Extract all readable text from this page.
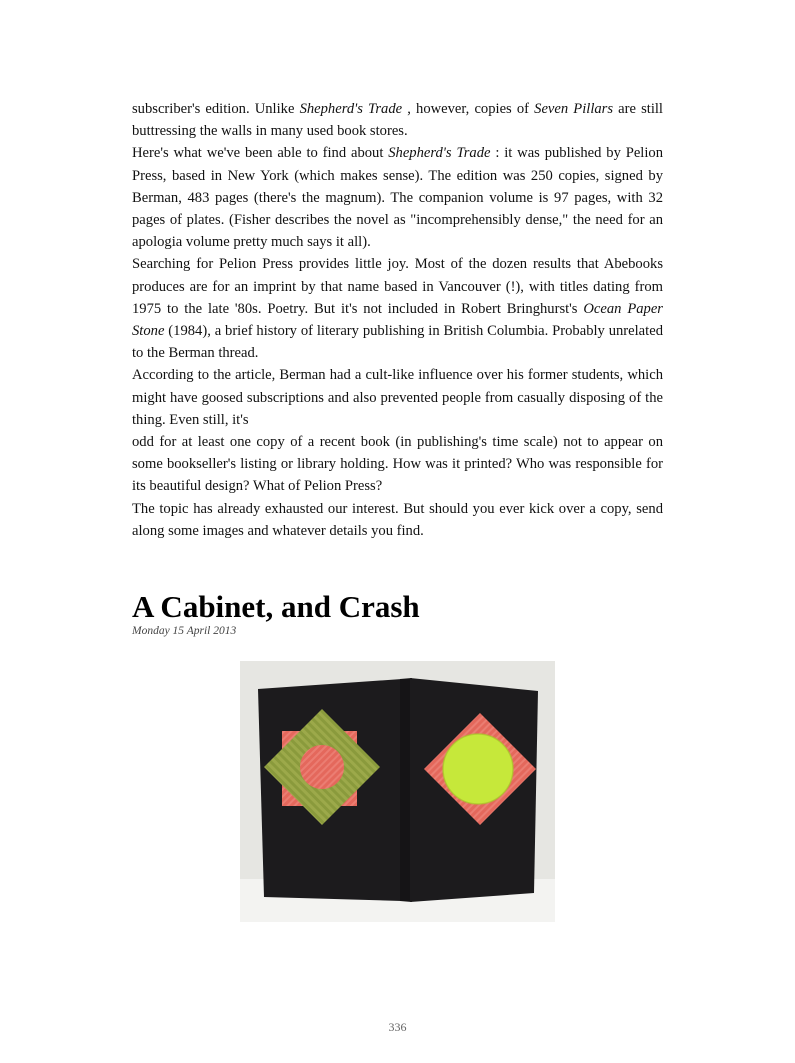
subscriber's edition. Unlike Shepherd's Trade , however, copies of Seven Pillars are still buttressing the walls in many used book stores.

Here's what we've been able to find about Shepherd's Trade : it was published by Pelion Press, based in New York (which makes sense). The edition was 250 copies, signed by Berman, 483 pages (there's the magnum). The companion volume is 97 pages, with 32 pages of plates. (Fisher describes the novel as "incomprehensibly dense," the need for an apologia volume pretty much says it all).

Searching for Pelion Press provides little joy. Most of the dozen results that Abebooks produces are for an imprint by that name based in Vancouver (!), with titles dating from 1975 to the late '80s. Poetry. But it's not included in Robert Bringhurst's Ocean Paper Stone (1984), a brief history of literary publishing in British Columbia. Probably unrelated to the Berman thread.

According to the article, Berman had a cult-like influence over his former students, which might have goosed subscriptions and also prevented people from casually disposing of the thing. Even still, it's

odd for at least one copy of a recent book (in publishing's time scale) not to appear on some bookseller's listing or library holding. How was it printed? Who was responsible for its beautiful design? What of Pelion Press?

The topic has already exhausted our interest. But should you ever kick over a copy, send along some images and whatever details you find.

A Cabinet, and Crash
Monday 15 April 2013
336
